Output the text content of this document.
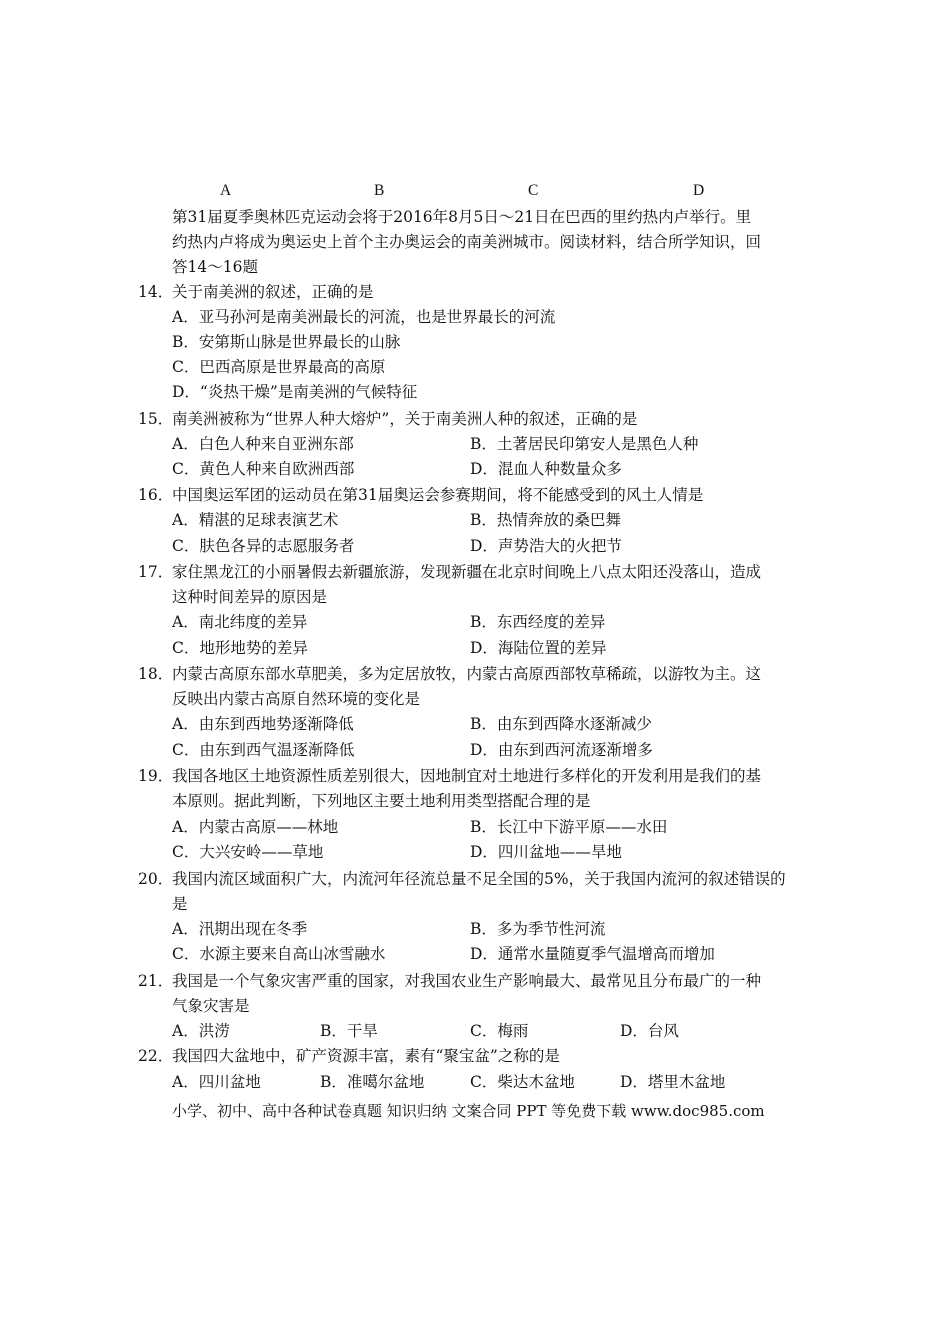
A	B	C	D
第31届夏季奥林匹克运动会将于2016年8月5日～21日在巴西的里约热内卢举行。里
约热内卢将成为奥运史上首个主办奥运会的南美洲城市。阅读材料，结合所学知识，回
答14～16题
14．
关于南美洲的叙述，正确的是
A．亚马孙河是南美洲最长的河流，也是世界最长的河流
B．安第斯山脉是世界最长的山脉
C．巴西高原是世界最高的高原
D．“炎热干燥”是南美洲的气候特征
15．
南美洲被称为“世界人种大熔炉”，关于南美洲人种的叙述，正确的是
A．白色人种来自亚洲东部	B．土著居民印第安人是黑色人种
C．黄色人种来自欧洲西部	D．混血人种数量众多
16．
中国奥运军团的运动员在第31届奥运会参赛期间，将不能感受到的风土人情是
A．精湛的足球表演艺术	B．热情奔放的桑巴舞
C．肤色各异的志愿服务者	D．声势浩大的火把节
17．
家住黑龙江的小丽暑假去新疆旅游，发现新疆在北京时间晚上八点太阳还没落山，造成
这种时间差异的原因是
A．南北纬度的差异	B．东西经度的差异
C．地形地势的差异	D．海陆位置的差异
18．
内蒙古高原东部水草肥美，多为定居放牧，内蒙古高原西部牧草稀疏，以游牧为主。这
反映出内蒙古高原自然环境的变化是
A．由东到西地势逐渐降低	B．由东到西降水逐渐减少
C．由东到西气温逐渐降低	D．由东到西河流逐渐增多
19．
我国各地区土地资源性质差别很大，因地制宜对土地进行多样化的开发利用是我们的基
本原则。据此判断，下列地区主要土地利用类型搭配合理的是
A．内蒙古高原——林地	B．长江中下游平原——水田
C．大兴安岭——草地	D．四川盆地——旱地
20．
我国内流区域面积广大，内流河年径流总量不足全国的5%，关于我国内流河的叙述错误的
是
A．汛期出现在冬季	B．多为季节性河流
C．水源主要来自高山冰雪融水	D．通常水量随夏季气温增高而增加
21．
我国是一个气象灾害严重的国家，对我国农业生产影响最大、最常见且分布最广的一种
气象灾害是
A．洪涝	B．干旱	C．梅雨	D．台风
22．
我国四大盆地中，矿产资源丰富，素有“聚宝盆”之称的是
A．四川盆地	B．准噶尔盆地	C．柴达木盆地	D．塔里木盆地
小学、初中、高中各种试卷真题 知识归纳 文案合同 PPT 等免费下载 www.doc985.com
